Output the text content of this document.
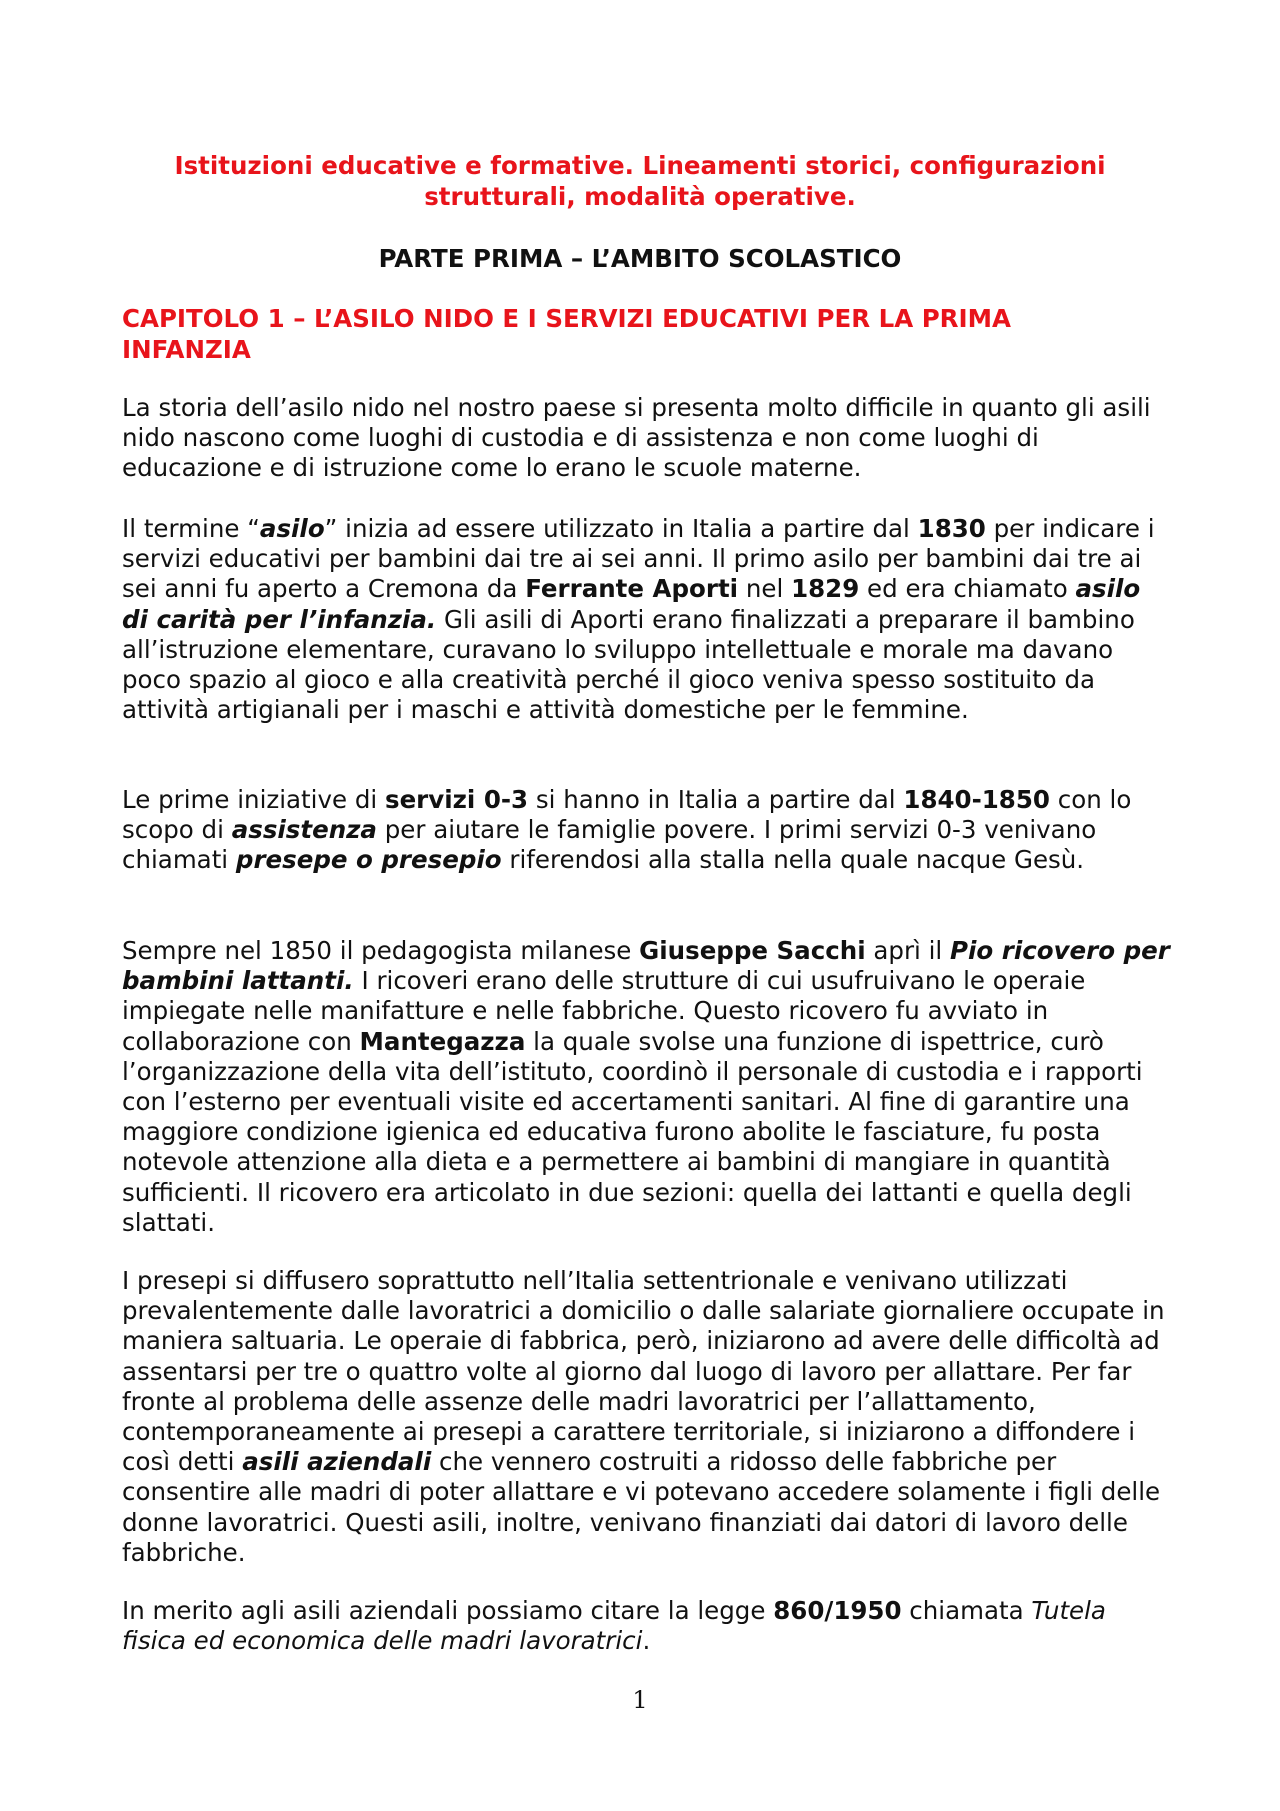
Istituzioni educative e formative. Lineamenti storici, configurazioni
strutturali, modalità operative.
PARTE PRIMA – L’AMBITO SCOLASTICO
CAPITOLO 1 – L’ASILO NIDO E I SERVIZI EDUCATIVI PER LA PRIMA
INFANZIA

La storia dell’asilo nido nel nostro paese si presenta molto difficile in quanto gli asili nido nascono come luoghi di custodia e di assistenza e non come luoghi di educazione e di istruzione come lo erano le scuole materne.

Il termine “asilo” inizia ad essere utilizzato in Italia a partire dal 1830 per indicare i servizi educativi per bambini dai tre ai sei anni. Il primo asilo per bambini dai tre ai sei anni fu aperto a Cremona da Ferrante Aporti nel 1829 ed era chiamato asilo di carità per l’infanzia. Gli asili di Aporti erano finalizzati a preparare il bambino all’istruzione elementare, curavano lo sviluppo intellettuale e morale ma davano poco spazio al gioco e alla creatività perché il gioco veniva spesso sostituito da attività artigianali per i maschi e attività domestiche per le femmine.

Le prime iniziative di servizi 0-3 si hanno in Italia a partire dal 1840-1850 con lo scopo di assistenza per aiutare le famiglie povere. I primi servizi 0-3 venivano chiamati presepe o presepio riferendosi alla stalla nella quale nacque Gesù.

Sempre nel 1850 il pedagogista milanese Giuseppe Sacchi aprì il Pio ricovero per bambini lattanti. I ricoveri erano delle strutture di cui usufruivano le operaie impiegate nelle manifatture e nelle fabbriche. Questo ricovero fu avviato in collaborazione con Mantegazza la quale svolse una funzione di ispettrice, curò l’organizzazione della vita dell’istituto, coordinò il personale di custodia e i rapporti con l’esterno per eventuali visite ed accertamenti sanitari. Al fine di garantire una maggiore condizione igienica ed educativa furono abolite le fasciature, fu posta notevole attenzione alla dieta e a permettere ai bambini di mangiare in quantità sufficienti. Il ricovero era articolato in due sezioni: quella dei lattanti e quella degli slattati.

I presepi si diffusero soprattutto nell’Italia settentrionale e venivano utilizzati prevalentemente dalle lavoratrici a domicilio o dalle salariate giornaliere occupate in maniera saltuaria. Le operaie di fabbrica, però, iniziarono ad avere delle difficoltà ad assentarsi per tre o quattro volte al giorno dal luogo di lavoro per allattare. Per far fronte al problema delle assenze delle madri lavoratrici per l’allattamento, contemporaneamente ai presepi a carattere territoriale, si iniziarono a diffondere i così detti asili aziendali che vennero costruiti a ridosso delle fabbriche per consentire alle madri di poter allattare e vi potevano accedere solamente i figli delle donne lavoratrici. Questi asili, inoltre, venivano finanziati dai datori di lavoro delle fabbriche.

In merito agli asili aziendali possiamo citare la legge 860/1950 chiamata Tutela fisica ed economica delle madri lavoratrici.

1
